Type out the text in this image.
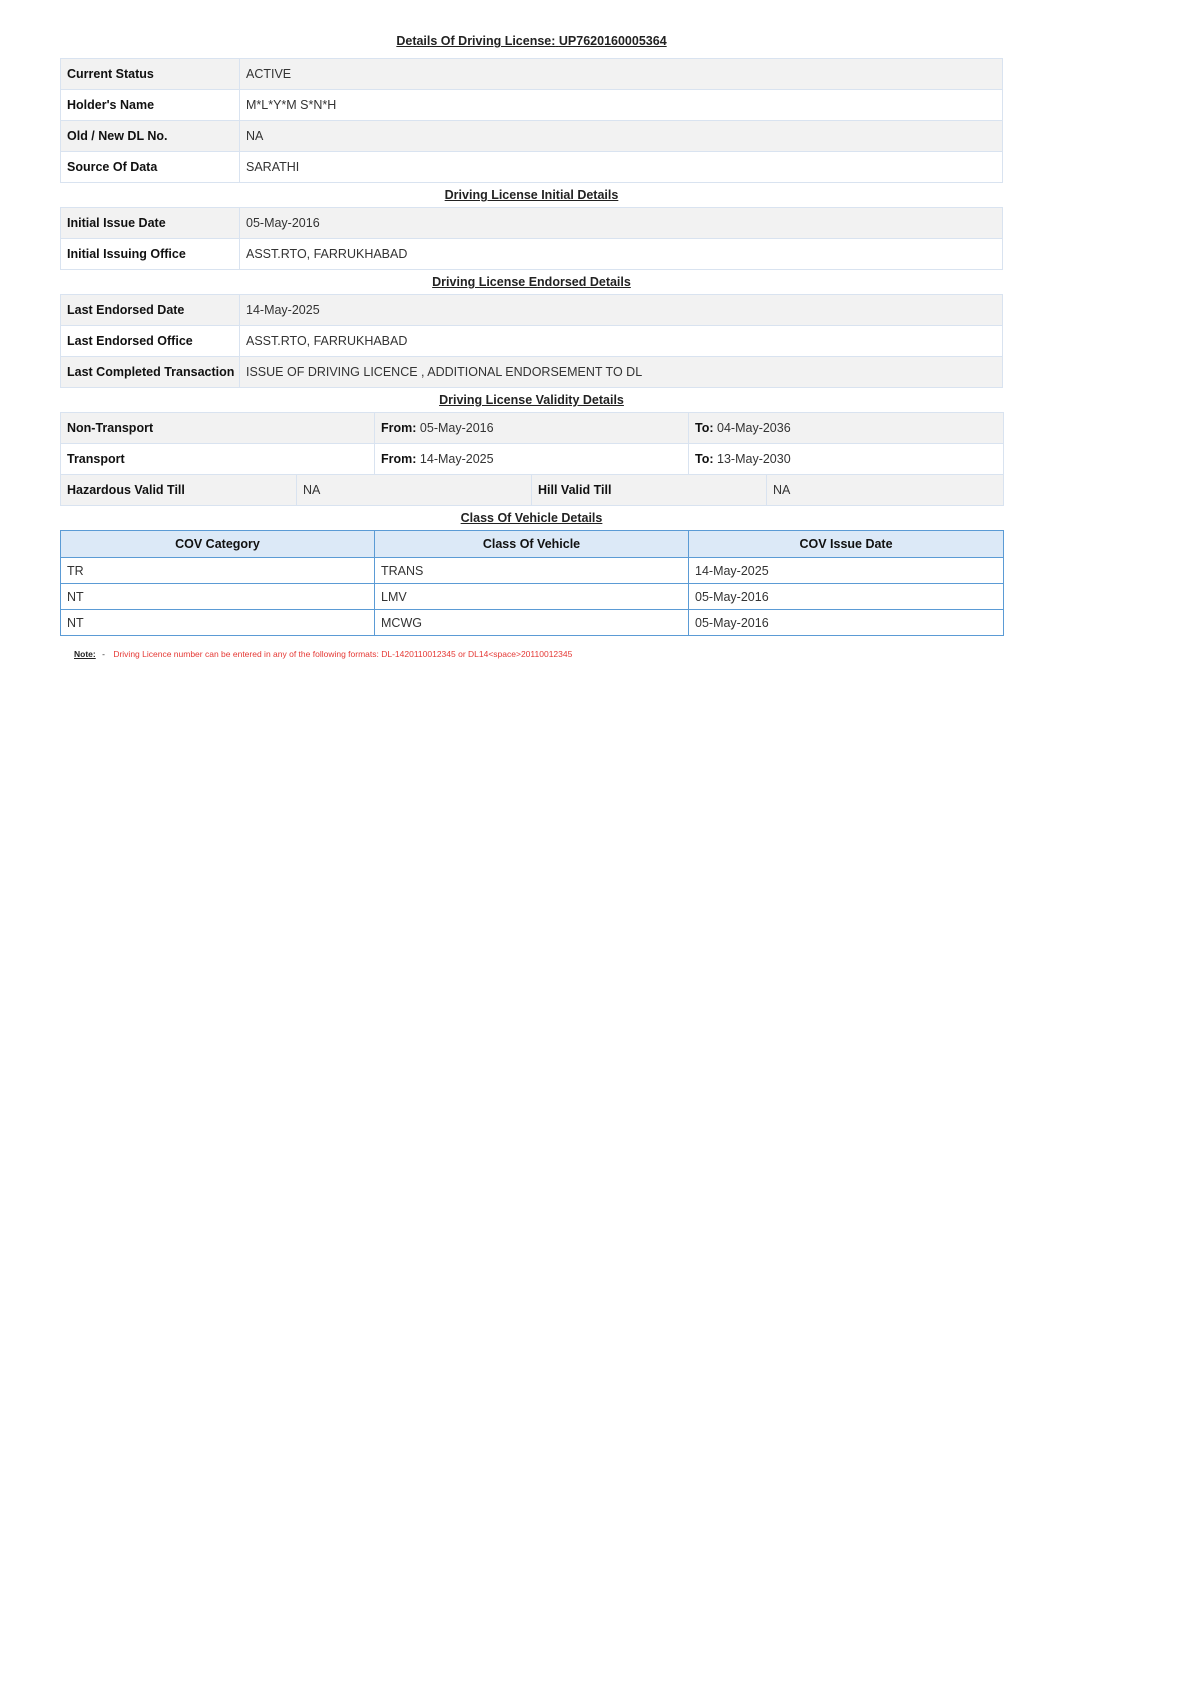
Details Of Driving License: UP7620160005364
Current Status	ACTIVE
Holder's Name	M*L*Y*M S*N*H
Old / New DL No.	NA
Source Of Data	SARATHI
Driving License Initial Details
Initial Issue Date	05-May-2016
Initial Issuing Office	ASST.RTO, FARRUKHABAD
Driving License Endorsed Details
Last Endorsed Date	14-May-2025
Last Endorsed Office	ASST.RTO, FARRUKHABAD
Last Completed Transaction	ISSUE OF DRIVING LICENCE , ADDITIONAL ENDORSEMENT TO DL
Driving License Validity Details
Non-Transport		From: 05-May-2016		To: 04-May-2036	
Transport		From: 14-May-2025		To: 13-May-2030	
Hazardous Valid Till	NA		Hill Valid Till		NA
Class Of Vehicle Details
COV Category	Class Of Vehicle	COV Issue Date
TR	TRANS	14-May-2025
NT	LMV	05-May-2016
NT	MCWG	05-May-2016
Note: - Driving Licence number can be entered in any of the following formats: DL-1420110012345 or DL14<space>20110012345
